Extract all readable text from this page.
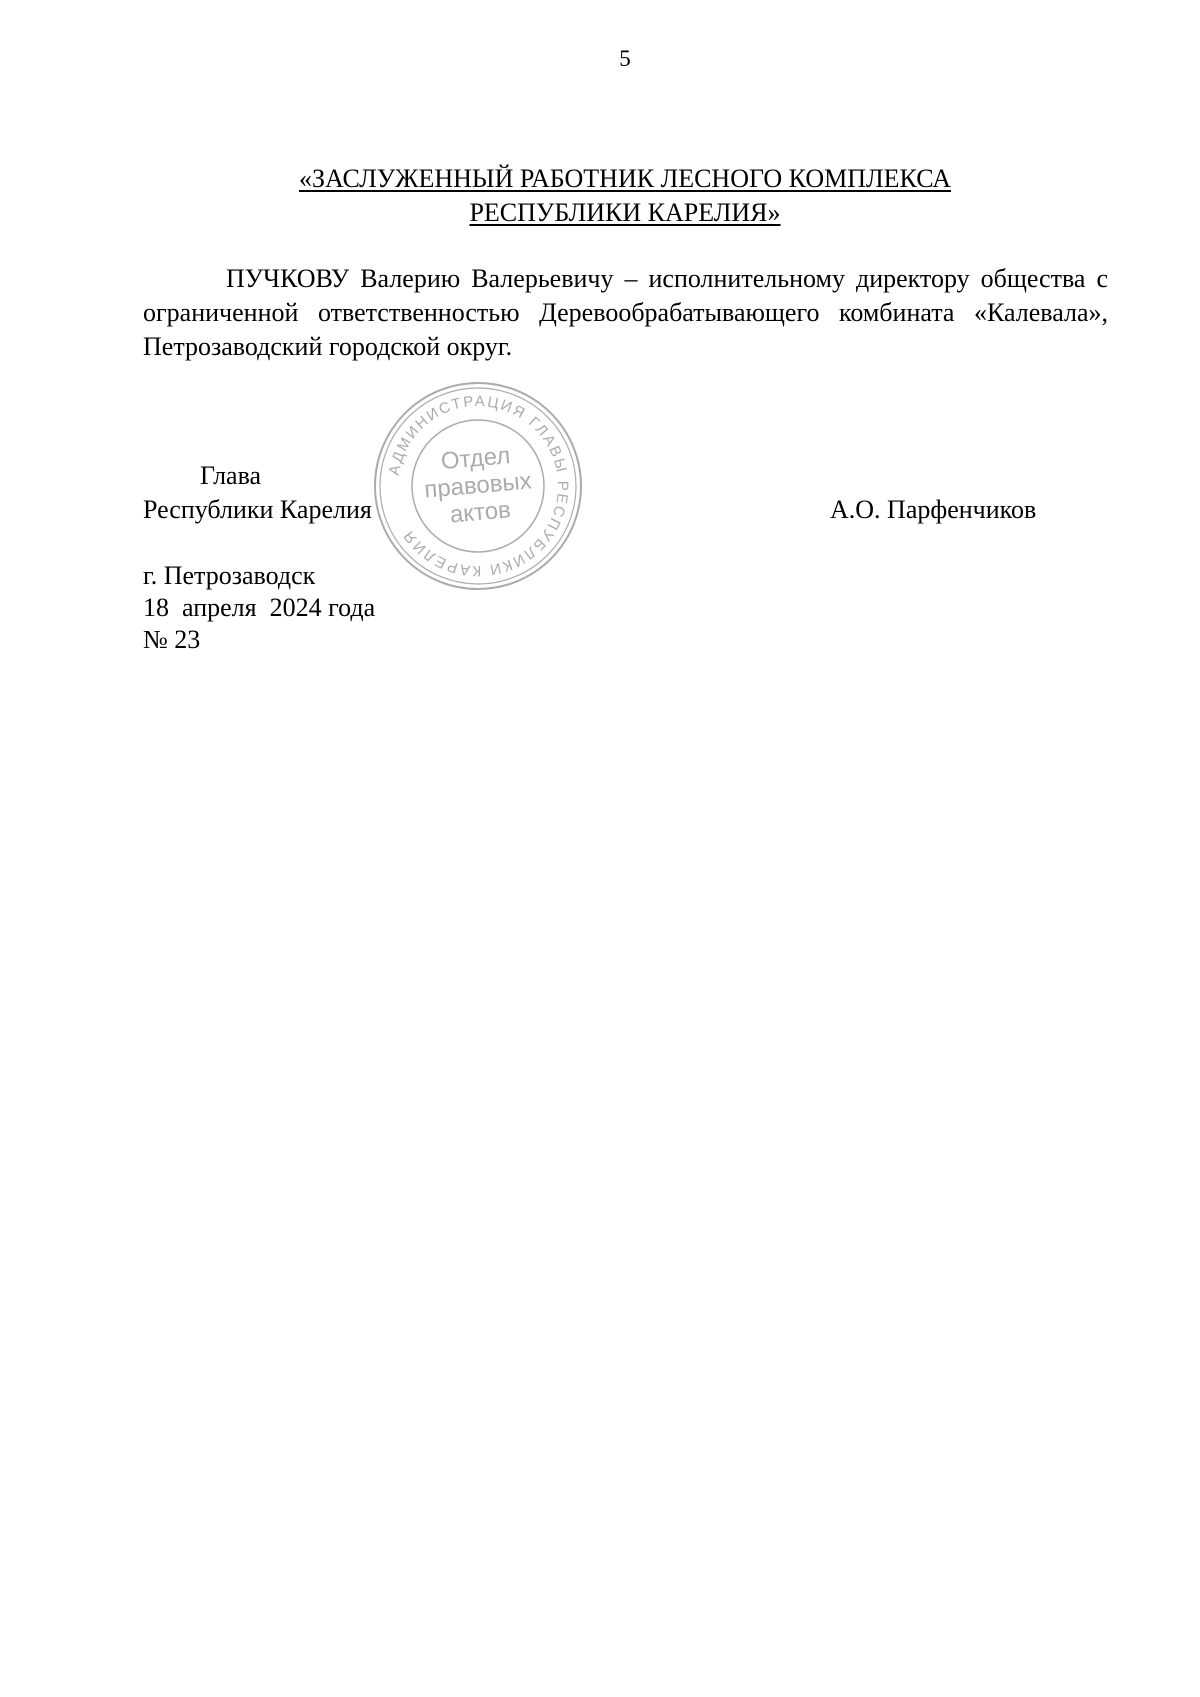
5
«ЗАСЛУЖЕННЫЙ РАБОТНИК ЛЕСНОГО КОМПЛЕКСА
РЕСПУБЛИКИ КАРЕЛИЯ»
ПУЧКОВУ Валерию Валерьевичу – исполнительному директору общества с ограниченной ответственностью Деревообрабатывающего комбината «Калевала», Петрозаводский городской округ.
Глава
Республики Карелия	А.О. Парфенчиков
г. Петрозаводск
18  апреля  2024 года
№ 23
АДМИНИСТРАЦИЯ ГЛАВЫ РЕСПУБЛИКИ КАРЕЛИЯ
Отдел
правовых
актов
